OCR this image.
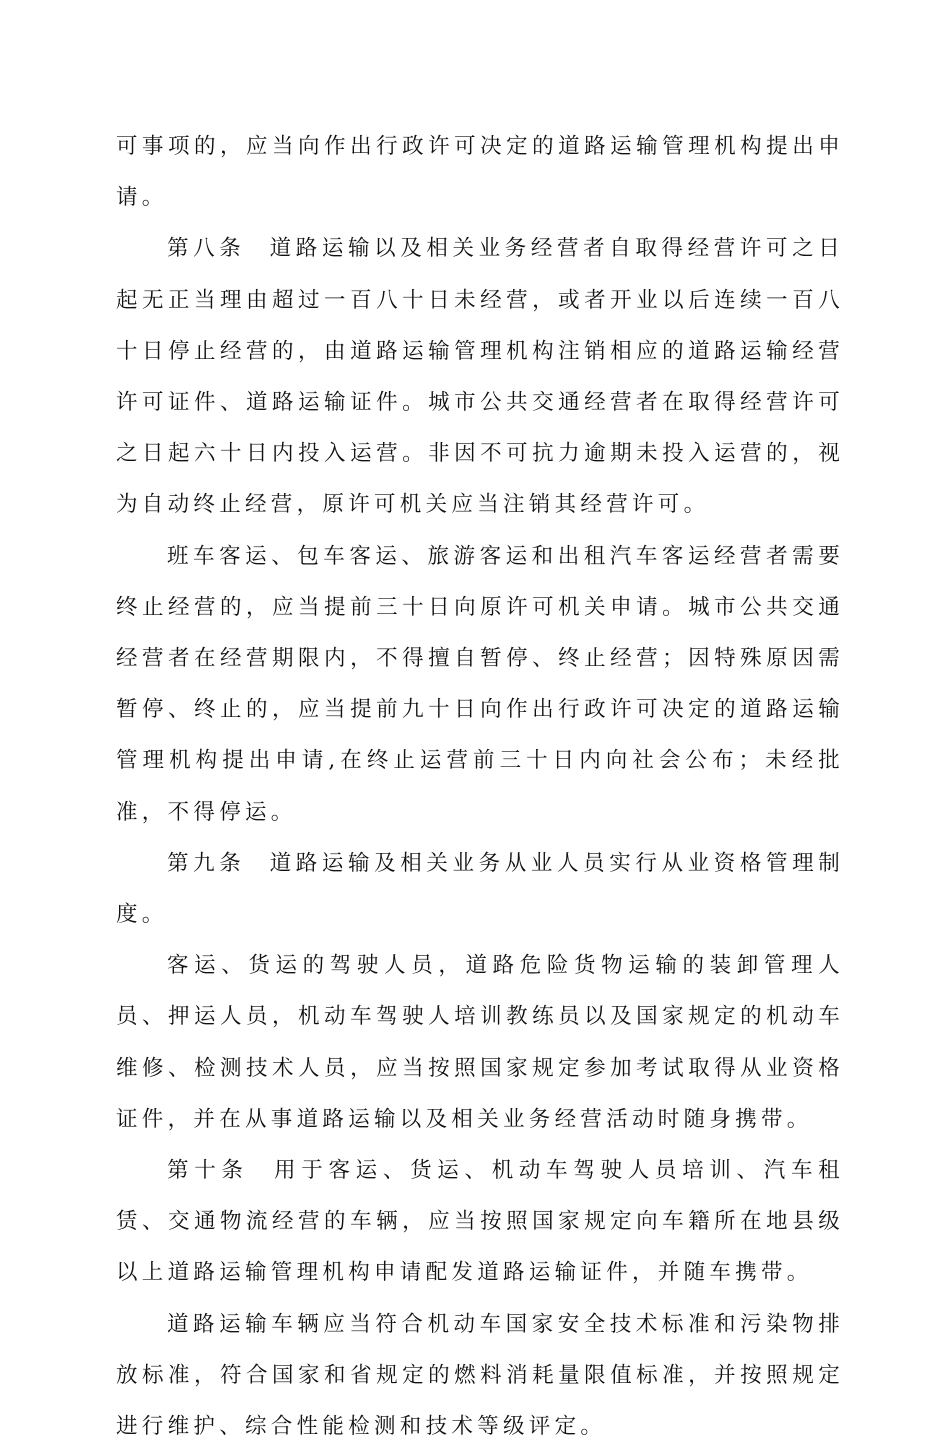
可事项的，应当向作出行政许可决定的道路运输管理机构提出申请。

第八条 道路运输以及相关业务经营者自取得经营许可之日起无正当理由超过一百八十日未经营，或者开业以后连续一百八十日停止经营的，由道路运输管理机构注销相应的道路运输经营许可证件、道路运输证件。城市公共交通经营者在取得经营许可之日起六十日内投入运营。非因不可抗力逾期未投入运营的，视为自动终止经营，原许可机关应当注销其经营许可。

班车客运、包车客运、旅游客运和出租汽车客运经营者需要终止经营的，应当提前三十日向原许可机关申请。城市公共交通经营者在经营期限内，不得擅自暂停、终止经营；因特殊原因需暂停、终止的，应当提前九十日向作出行政许可决定的道路运输管理机构提出申请,在终止运营前三十日内向社会公布；未经批准，不得停运。

第九条 道路运输及相关业务从业人员实行从业资格管理制度。

客运、货运的驾驶人员，道路危险货物运输的装卸管理人员、押运人员，机动车驾驶人培训教练员以及国家规定的机动车维修、检测技术人员，应当按照国家规定参加考试取得从业资格证件，并在从事道路运输以及相关业务经营活动时随身携带。

第十条 用于客运、货运、机动车驾驶人员培训、汽车租赁、交通物流经营的车辆，应当按照国家规定向车籍所在地县级以上道路运输管理机构申请配发道路运输证件，并随车携带。

道路运输车辆应当符合机动车国家安全技术标准和污染物排放标准，符合国家和省规定的燃料消耗量限值标准，并按照规定进行维护、综合性能检测和技术等级评定。
